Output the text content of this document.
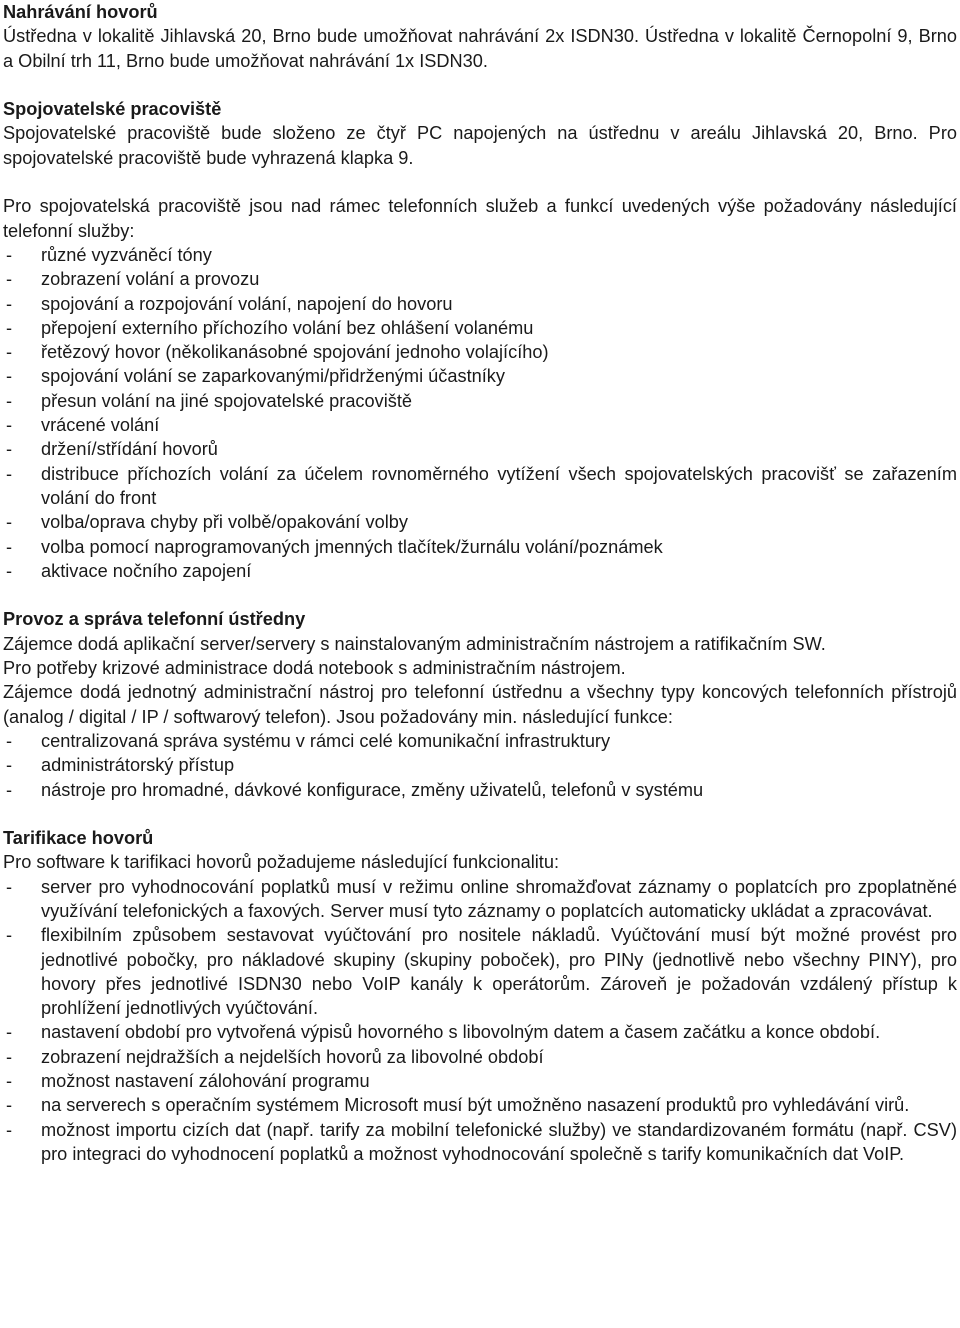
Nahrávání hovorů

Ústředna v lokalitě Jihlavská 20, Brno bude umožňovat nahrávání 2x ISDN30. Ústředna v lokalitě Černopolní 9, Brno a Obilní trh 11, Brno bude umožňovat nahrávání 1x ISDN30.

Spojovatelské pracoviště

Spojovatelské pracoviště bude složeno ze čtyř PC napojených na ústřednu v areálu Jihlavská 20, Brno. Pro spojovatelské pracoviště bude vyhrazená klapka 9.

Pro spojovatelská pracoviště jsou nad rámec telefonních služeb a funkcí uvedených výše požadovány následující telefonní služby:

- různé vyzváněcí tóny
- zobrazení volání a provozu
- spojování a rozpojování volání, napojení do hovoru
- přepojení externího příchozího volání bez ohlášení volanému
- řetězový hovor (několikanásobné spojování jednoho volajícího)
- spojování volání se zaparkovanými/přidrženými účastníky
- přesun volání na jiné spojovatelské pracoviště
- vrácené volání
- držení/střídání hovorů
- distribuce příchozích volání za účelem rovnoměrného vytížení všech spojovatelských pracovišť se zařazením volání do front
- volba/oprava chyby při volbě/opakování volby
- volba pomocí naprogramovaných jmenných tlačítek/žurnálu volání/poznámek
- aktivace nočního zapojení

Provoz a správa telefonní ústředny

Zájemce dodá aplikační server/servery s nainstalovaným administračním nástrojem a ratifikačním SW.

Pro potřeby krizové administrace dodá notebook s administračním nástrojem.

Zájemce dodá jednotný administrační nástroj pro telefonní ústřednu a všechny typy koncových telefonních přístrojů (analog / digital / IP / softwarový telefon). Jsou požadovány min. následující funkce:

- centralizovaná správa systému v rámci celé komunikační infrastruktury
- administrátorský přístup
- nástroje pro hromadné, dávkové konfigurace, změny uživatelů, telefonů v systému

Tarifikace hovorů

Pro software k tarifikaci hovorů požadujeme následující funkcionalitu:

- server pro vyhodnocování poplatků musí v režimu online shromažďovat záznamy o poplatcích pro zpoplatněné využívání telefonických a faxových. Server musí tyto záznamy o poplatcích automaticky ukládat a zpracovávat.
- flexibilním způsobem sestavovat vyúčtování pro nositele nákladů. Vyúčtování musí být možné provést pro jednotlivé pobočky, pro nákladové skupiny (skupiny poboček), pro PINy (jednotlivě nebo všechny PINY), pro hovory přes jednotlivé ISDN30 nebo VoIP kanály k operátorům. Zároveň je požadován vzdálený přístup k prohlížení jednotlivých vyúčtování.
- nastavení období pro vytvořená výpisů hovorného s libovolným datem a časem začátku a konce období.
- zobrazení nejdražších a nejdelších hovorů za libovolné období
- možnost nastavení zálohování programu
- na serverech s operačním systémem Microsoft musí být umožněno nasazení produktů pro vyhledávání virů.
- možnost importu cizích dat (např. tarify za mobilní telefonické služby) ve standardizovaném formátu (např. CSV) pro integraci do vyhodnocení poplatků a možnost vyhodnocování společně s tarify komunikačních dat VoIP.
